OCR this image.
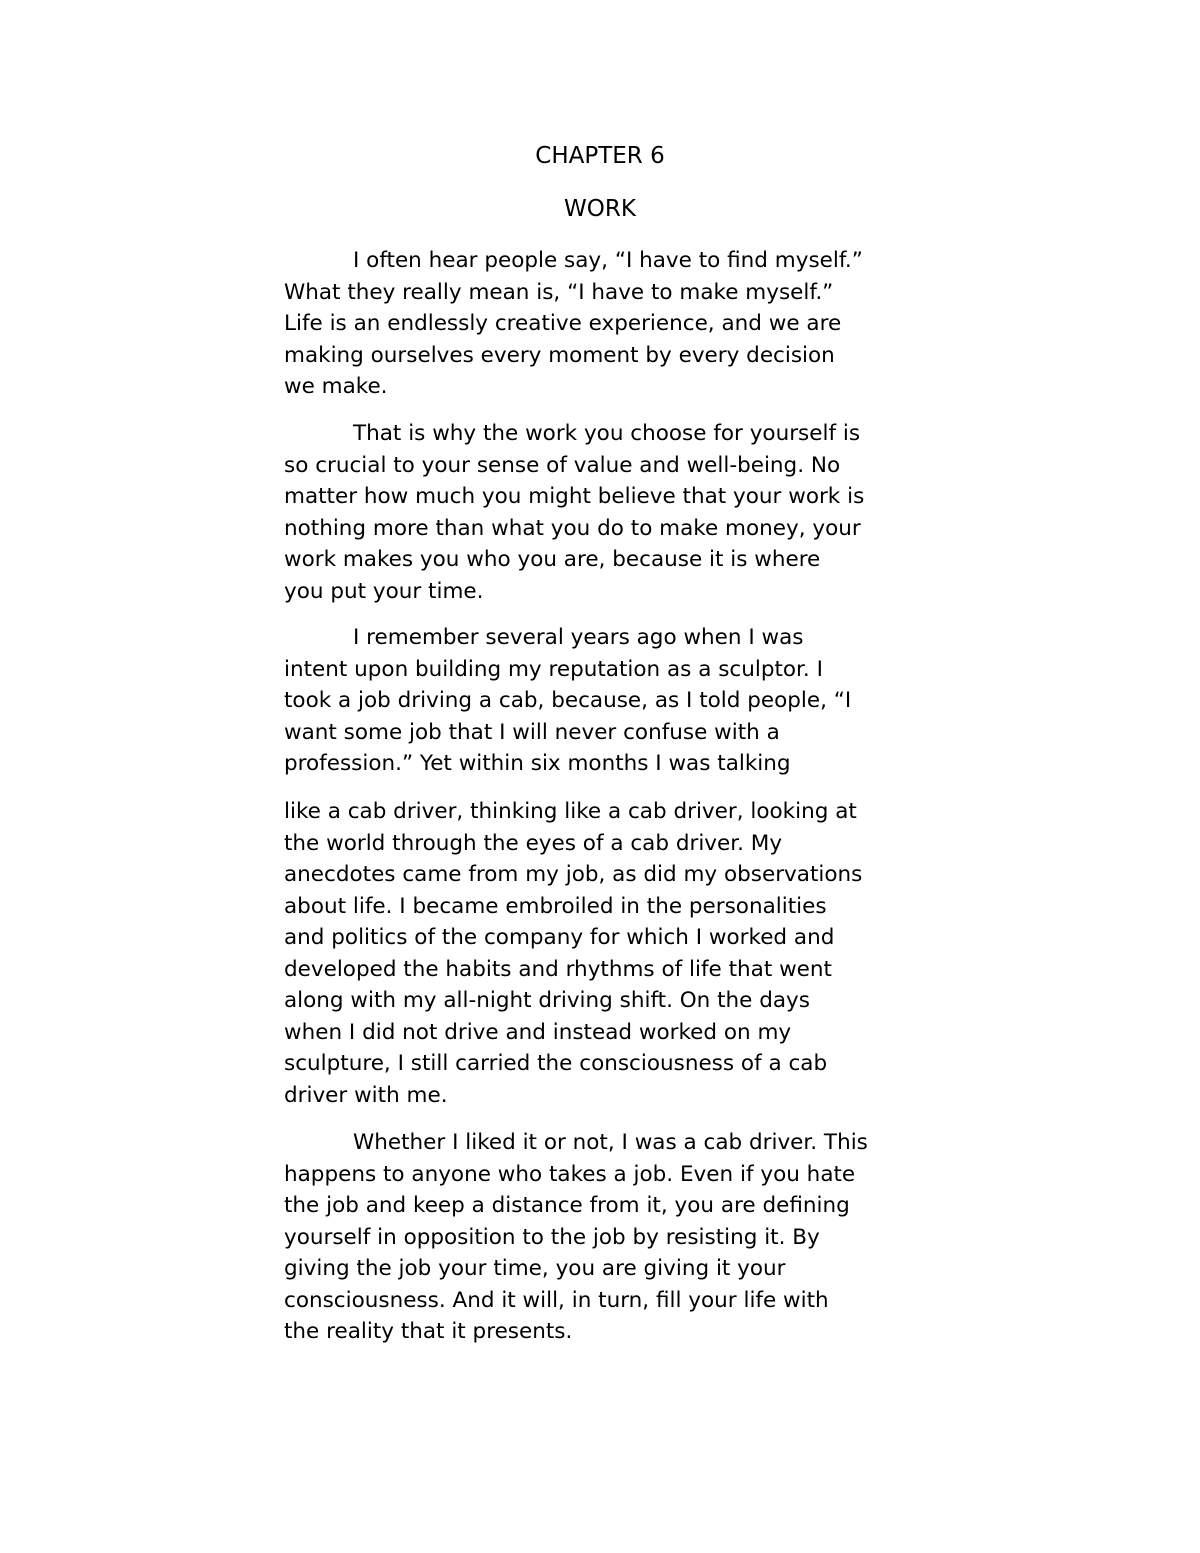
CHAPTER 6
WORK

I often hear people say, “I have to find myself.”
What they really mean is, “I have to make myself.”
Life is an endlessly creative experience, and we are
making ourselves every moment by every decision
we make.

That is why the work you choose for yourself is
so crucial to your sense of value and well-being. No
matter how much you might believe that your work is
nothing more than what you do to make money, your
work makes you who you are, because it is where
you put your time.

I remember several years ago when I was
intent upon building my reputation as a sculptor. I
took a job driving a cab, because, as I told people, “I
want some job that I will never confuse with a
profession.” Yet within six months I was talking

like a cab driver, thinking like a cab driver, looking at
the world through the eyes of a cab driver. My
anecdotes came from my job, as did my observations
about life. I became embroiled in the personalities
and politics of the company for which I worked and
developed the habits and rhythms of life that went
along with my all-night driving shift. On the days
when I did not drive and instead worked on my
sculpture, I still carried the consciousness of a cab
driver with me.

Whether I liked it or not, I was a cab driver. This
happens to anyone who takes a job. Even if you hate
the job and keep a distance from it, you are defining
yourself in opposition to the job by resisting it. By
giving the job your time, you are giving it your
consciousness. And it will, in turn, fill your life with
the reality that it presents.
